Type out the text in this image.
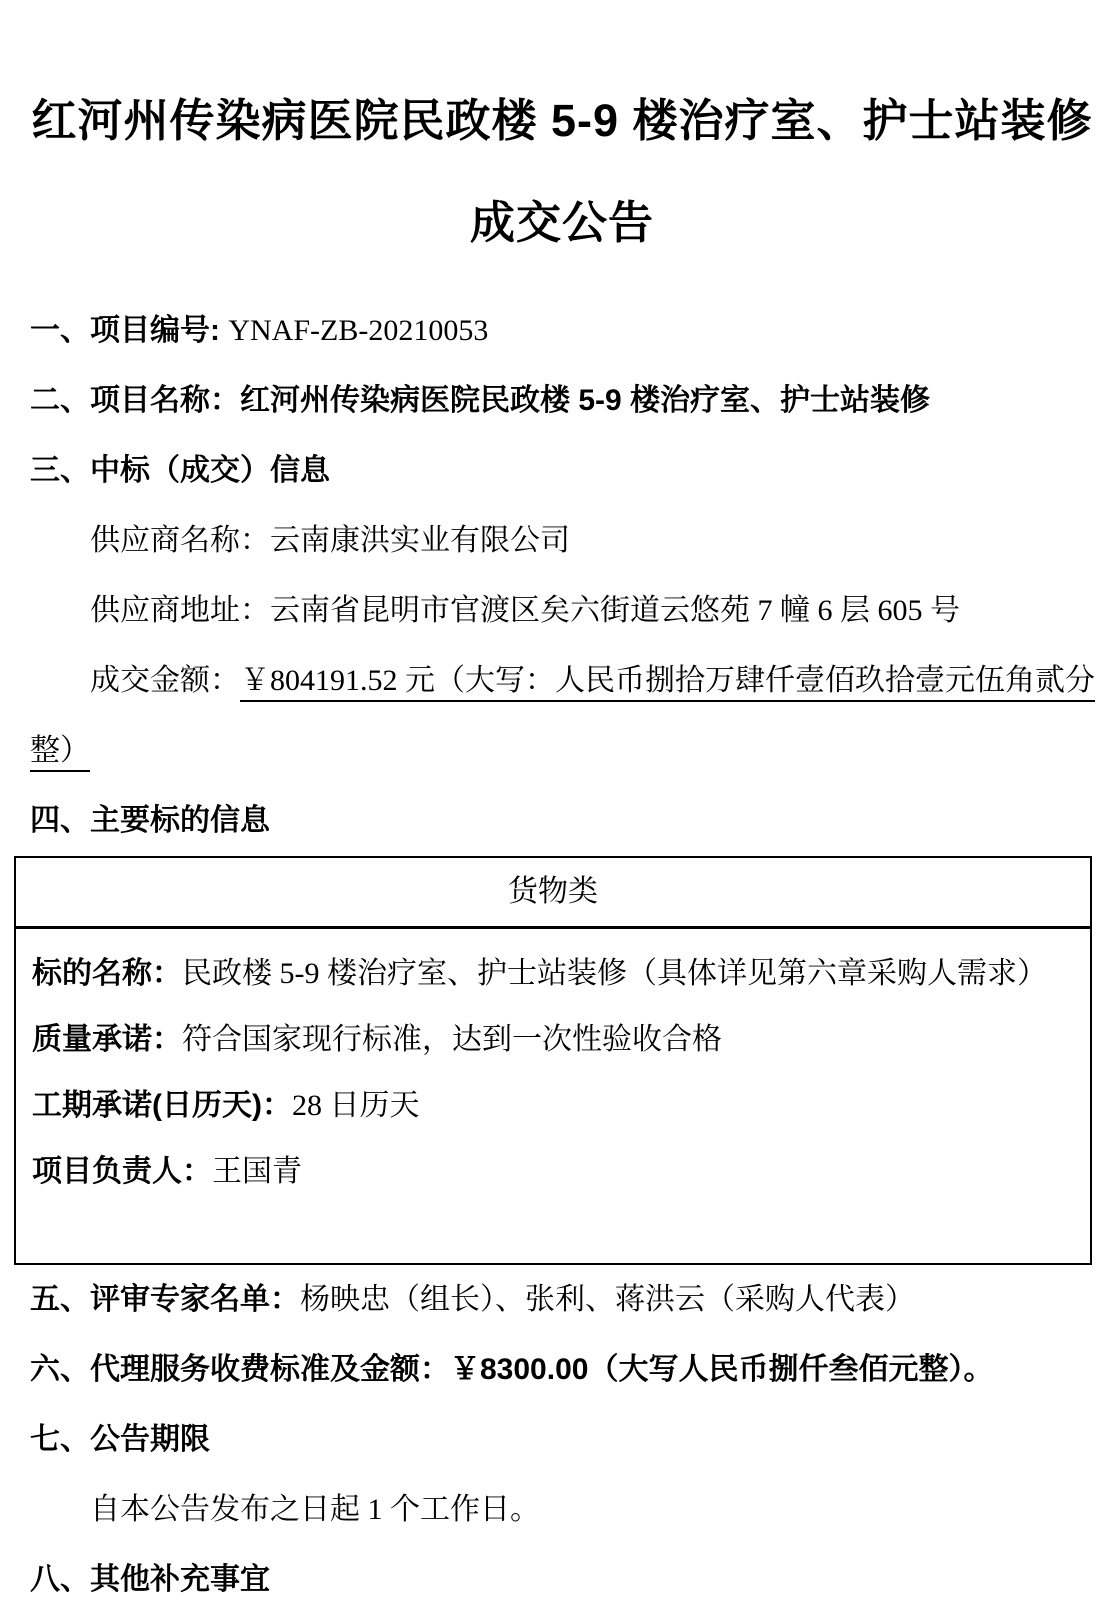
红河州传染病医院民政楼 5-9 楼治疗室、护士站装修成交公告

一、项目编号: YNAF-ZB-20210053

二、项目名称：红河州传染病医院民政楼 5-9 楼治疗室、护士站装修

三、中标（成交）信息

供应商名称：云南康洪实业有限公司

供应商地址：云南省昆明市官渡区矣六街道云悠苑 7 幢 6 层 605 号

成交金额：￥804191.52 元（大写：人民币捌拾万肆仟壹佰玖拾壹元伍角贰分整）

四、主要标的信息

货物类

标的名称：民政楼 5-9 楼治疗室、护士站装修（具体详见第六章采购人需求）

质量承诺：符合国家现行标准，达到一次性验收合格

工期承诺(日历天)：28 日历天

项目负责人：王国青

五、评审专家名单：杨映忠（组长）、张利、蒋洪云（采购人代表）

六、代理服务收费标准及金额：￥8300.00（大写人民币捌仟叁佰元整）。

七、公告期限

自本公告发布之日起 1 个工作日。

八、其他补充事宜
